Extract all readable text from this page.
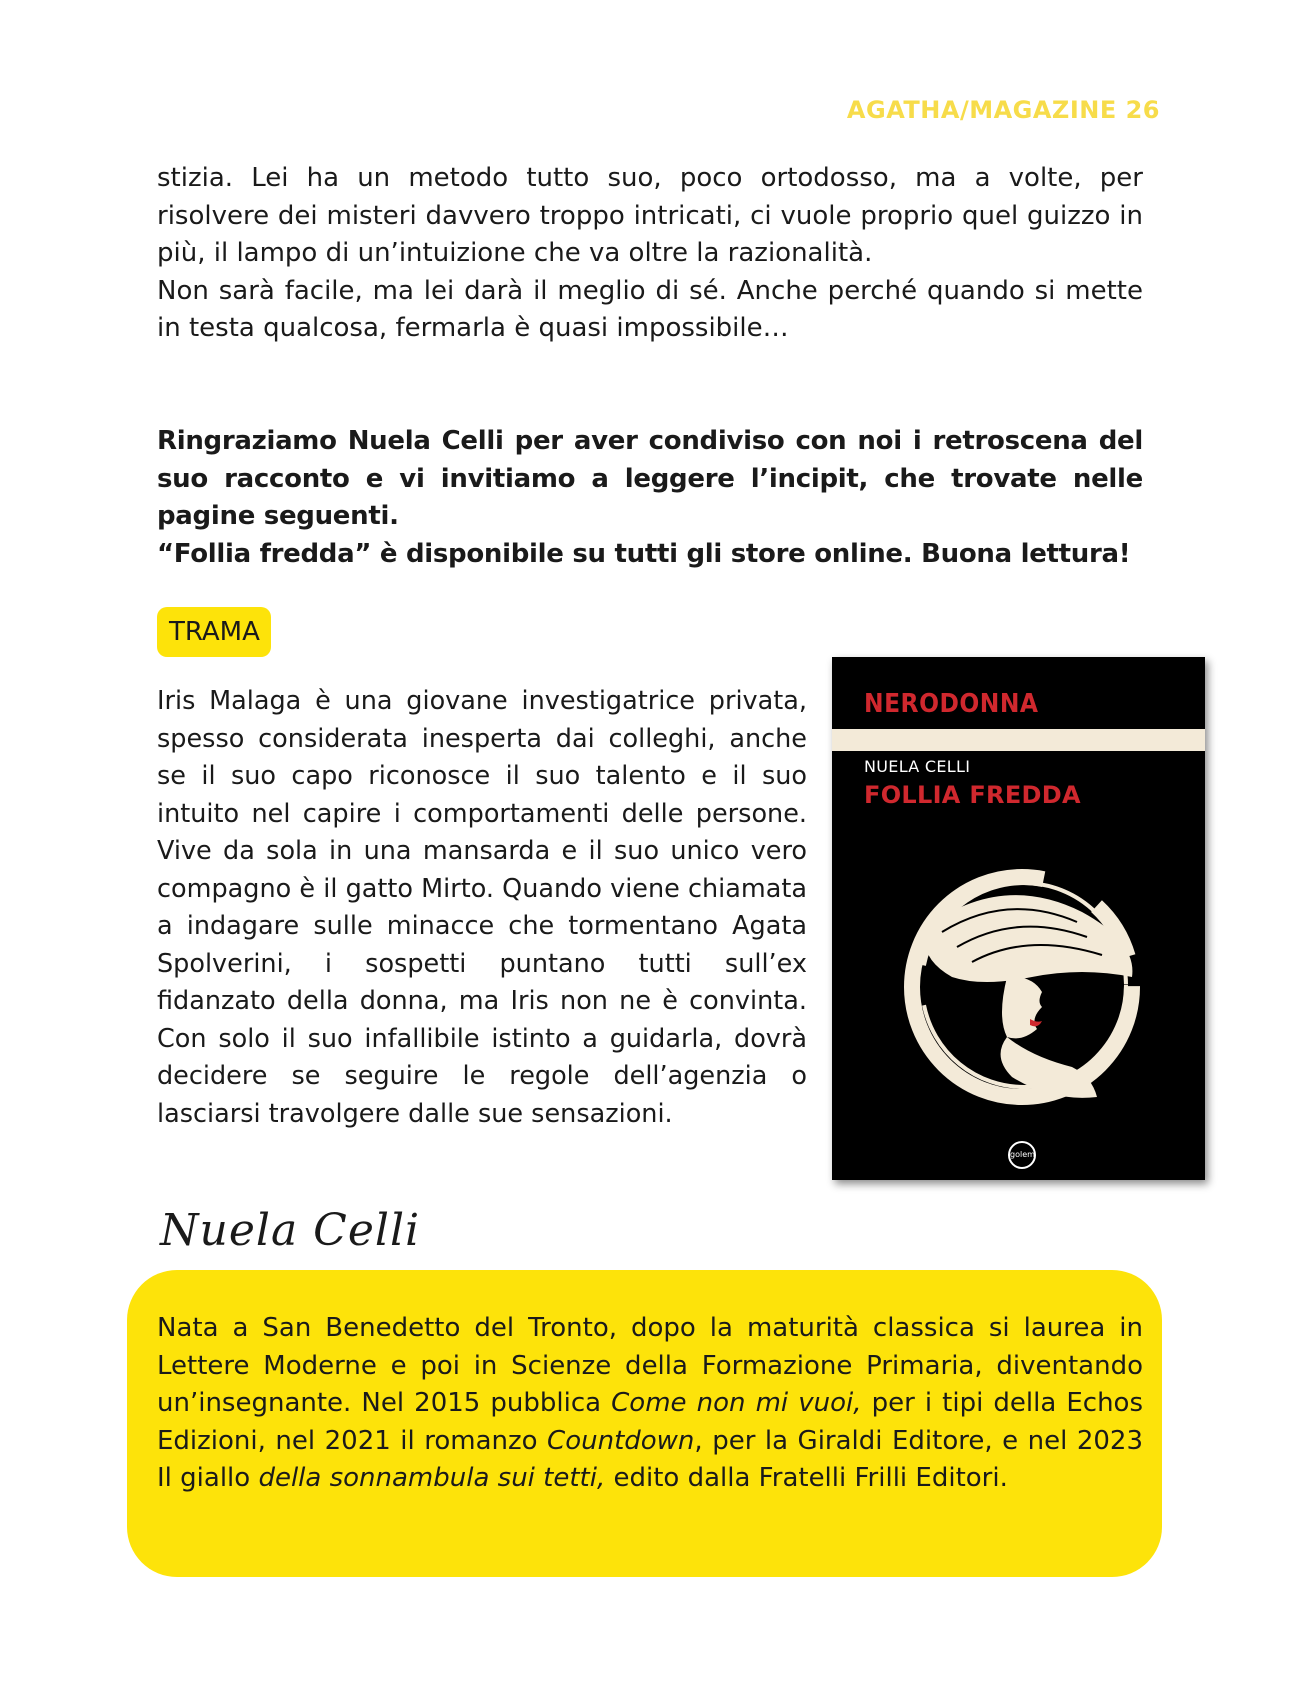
AGATHA/MAGAZINE 26
stizia. Lei ha un metodo tutto suo, poco ortodosso, ma a volte, per risolvere dei misteri davvero troppo intricati, ci vuole proprio quel guizzo in più, il lampo di un’intuizione che va oltre la razionalità.
Non sarà facile, ma lei darà il meglio di sé. Anche perché quando si mette in testa qualcosa, fermarla è quasi impossibile…
Ringraziamo Nuela Celli per aver condiviso con noi i retroscena del suo racconto e vi invitiamo a leggere l’incipit, che trovate nelle pagine seguenti.
“Follia fredda” è disponibile su tutti gli store online. Buona lettura!
TRAMA

Iris Malaga è una giovane investigatrice privata, spesso considerata inesperta dai colleghi, anche se il suo capo riconosce il suo talento e il suo intuito nel capire i comportamenti delle persone. Vive da sola in una mansarda e il suo unico vero compagno è il gatto Mirto. Quando viene chiamata a indagare sulle minacce che tormentano Agata Spolverini, i sospetti puntano tutti sull’ex fidanzato della donna, ma Iris non ne è convinta. Con solo il suo infallibile istinto a guidarla, dovrà decidere se seguire le regole dell’agenzia o lasciarsi travolgere dalle sue sensazioni.

NERODONNA
NUELA CELLI
FOLLIA FREDDA
golem
Nuela Celli

Nata a San Benedetto del Tronto, dopo la maturità classica si laurea in Lettere Moderne e poi in Scienze della Formazione Primaria, diventando un’insegnante. Nel 2015 pubblica Come non mi vuoi, per i tipi della Echos Edizioni, nel 2021 il romanzo Countdown, per la Giraldi Editore, e nel 2023 Il giallo della sonnambula sui tetti, edito dalla Fratelli Frilli Editori.
